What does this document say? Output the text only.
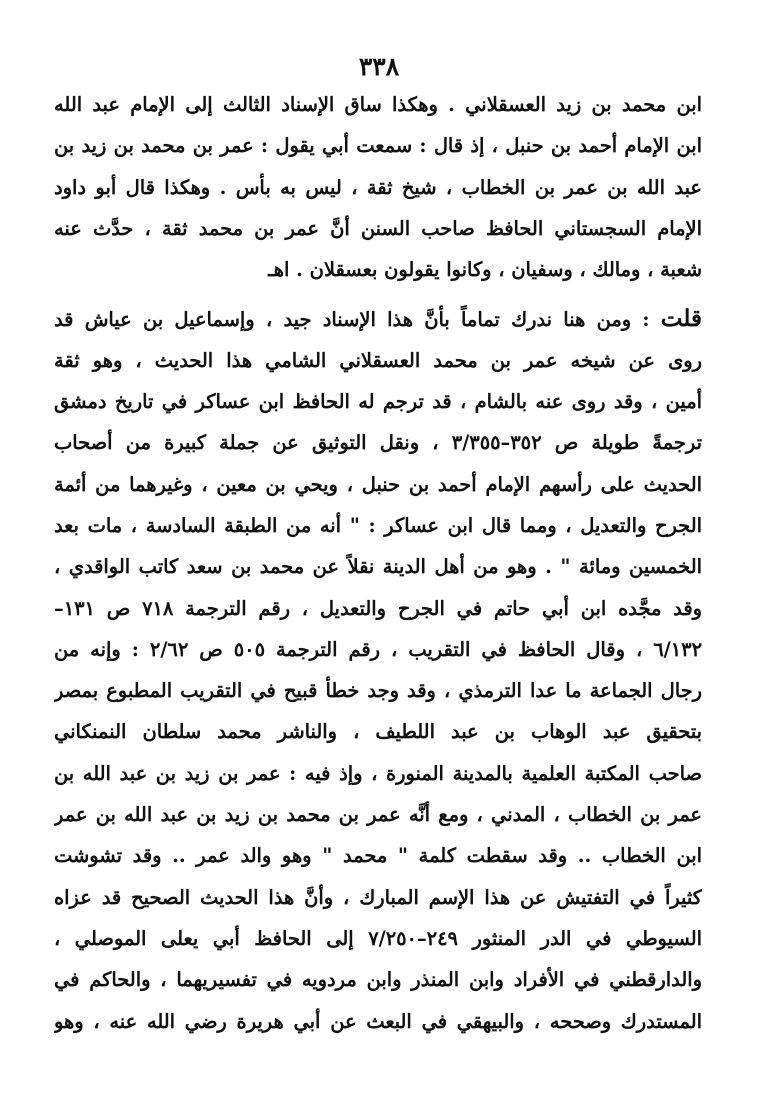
٣٣٨
ابن محمد بن زيد العسقلاني . وهكذا ساق الإسناد الثالث إلى الإمام عبد الله
ابن الإمام أحمد بن حنبل ، إذ قال : سمعت أبي يقول : عمر بن محمد بن زيد بن
عبد الله بن عمر بن الخطاب ، شيخ ثقة ، ليس به بأس . وهكذا قال أبو داود
الإمام السجستاني الحافظ صاحب السنن أنَّ عمر بن محمد ثقة ، حدَّث عنه
شعبة ، ومالك ، وسفيان ، وكانوا يقولون بعسقلان . اهـ
قلت : ومن هنا ندرك تماماً بأنَّ هذا الإسناد جيد ، وإسماعيل بن عياش قد
روى عن شيخه عمر بن محمد العسقلاني الشامي هذا الحديث ، وهو ثقة
أمين ، وقد روى عنه بالشام ، قد ترجم له الحافظ ابن عساكر في تاريخ دمشق
ترجمةً طويلة ص ٣٥٢–٣/٣٥٥ ، ونقل التوثيق عن جملة كبيرة من أصحاب
الحديث على رأسهم الإمام أحمد بن حنبل ، ويحي بن معين ، وغيرهما من أئمة
الجرح والتعديل ، ومما قال ابن عساكر : " أنه من الطبقة السادسة ، مات بعد
الخمسين ومائة " . وهو من أهل الدينة نقلاً عن محمد بن سعد كاتب الواقدي ،
وقد مجَّده ابن أبي حاتم في الجرح والتعديل ، رقم الترجمة ٧١٨ ص ١٣١–
٦/١٣٢ ، وقال الحافظ في التقريب ، رقم الترجمة ٥٠٥ ص ٢/٦٢ : وإنه من
رجال الجماعة ما عدا الترمذي ، وقد وجد خطأ قبيح في التقريب المطبوع بمصر
بتحقيق عبد الوهاب بن عبد اللطيف ، والناشر محمد سلطان النمنكاني
صاحب المكتبة العلمية بالمدينة المنورة ، وإذ فيه : عمر بن زيد بن عبد الله بن
عمر بن الخطاب ، المدني ، ومع أنَّه عمر بن محمد بن زيد بن عبد الله بن عمر
ابن الخطاب .. وقد سقطت كلمة " محمد " وهو والد عمر .. وقد تشوشت
كثيراً في التفتيش عن هذا الإسم المبارك ، وأنَّ هذا الحديث الصحيح قد عزاه
السيوطي في الدر المنثور ٢٤٩–٧/٢٥٠ إلى الحافظ أبي يعلى الموصلي ،
والدارقطني في الأفراد وابن المنذر وابن مردويه في تفسيريهما ، والحاكم في
المستدرك وصححه ، والبيهقي في البعث عن أبي هريرة رضي الله عنه ، وهو
